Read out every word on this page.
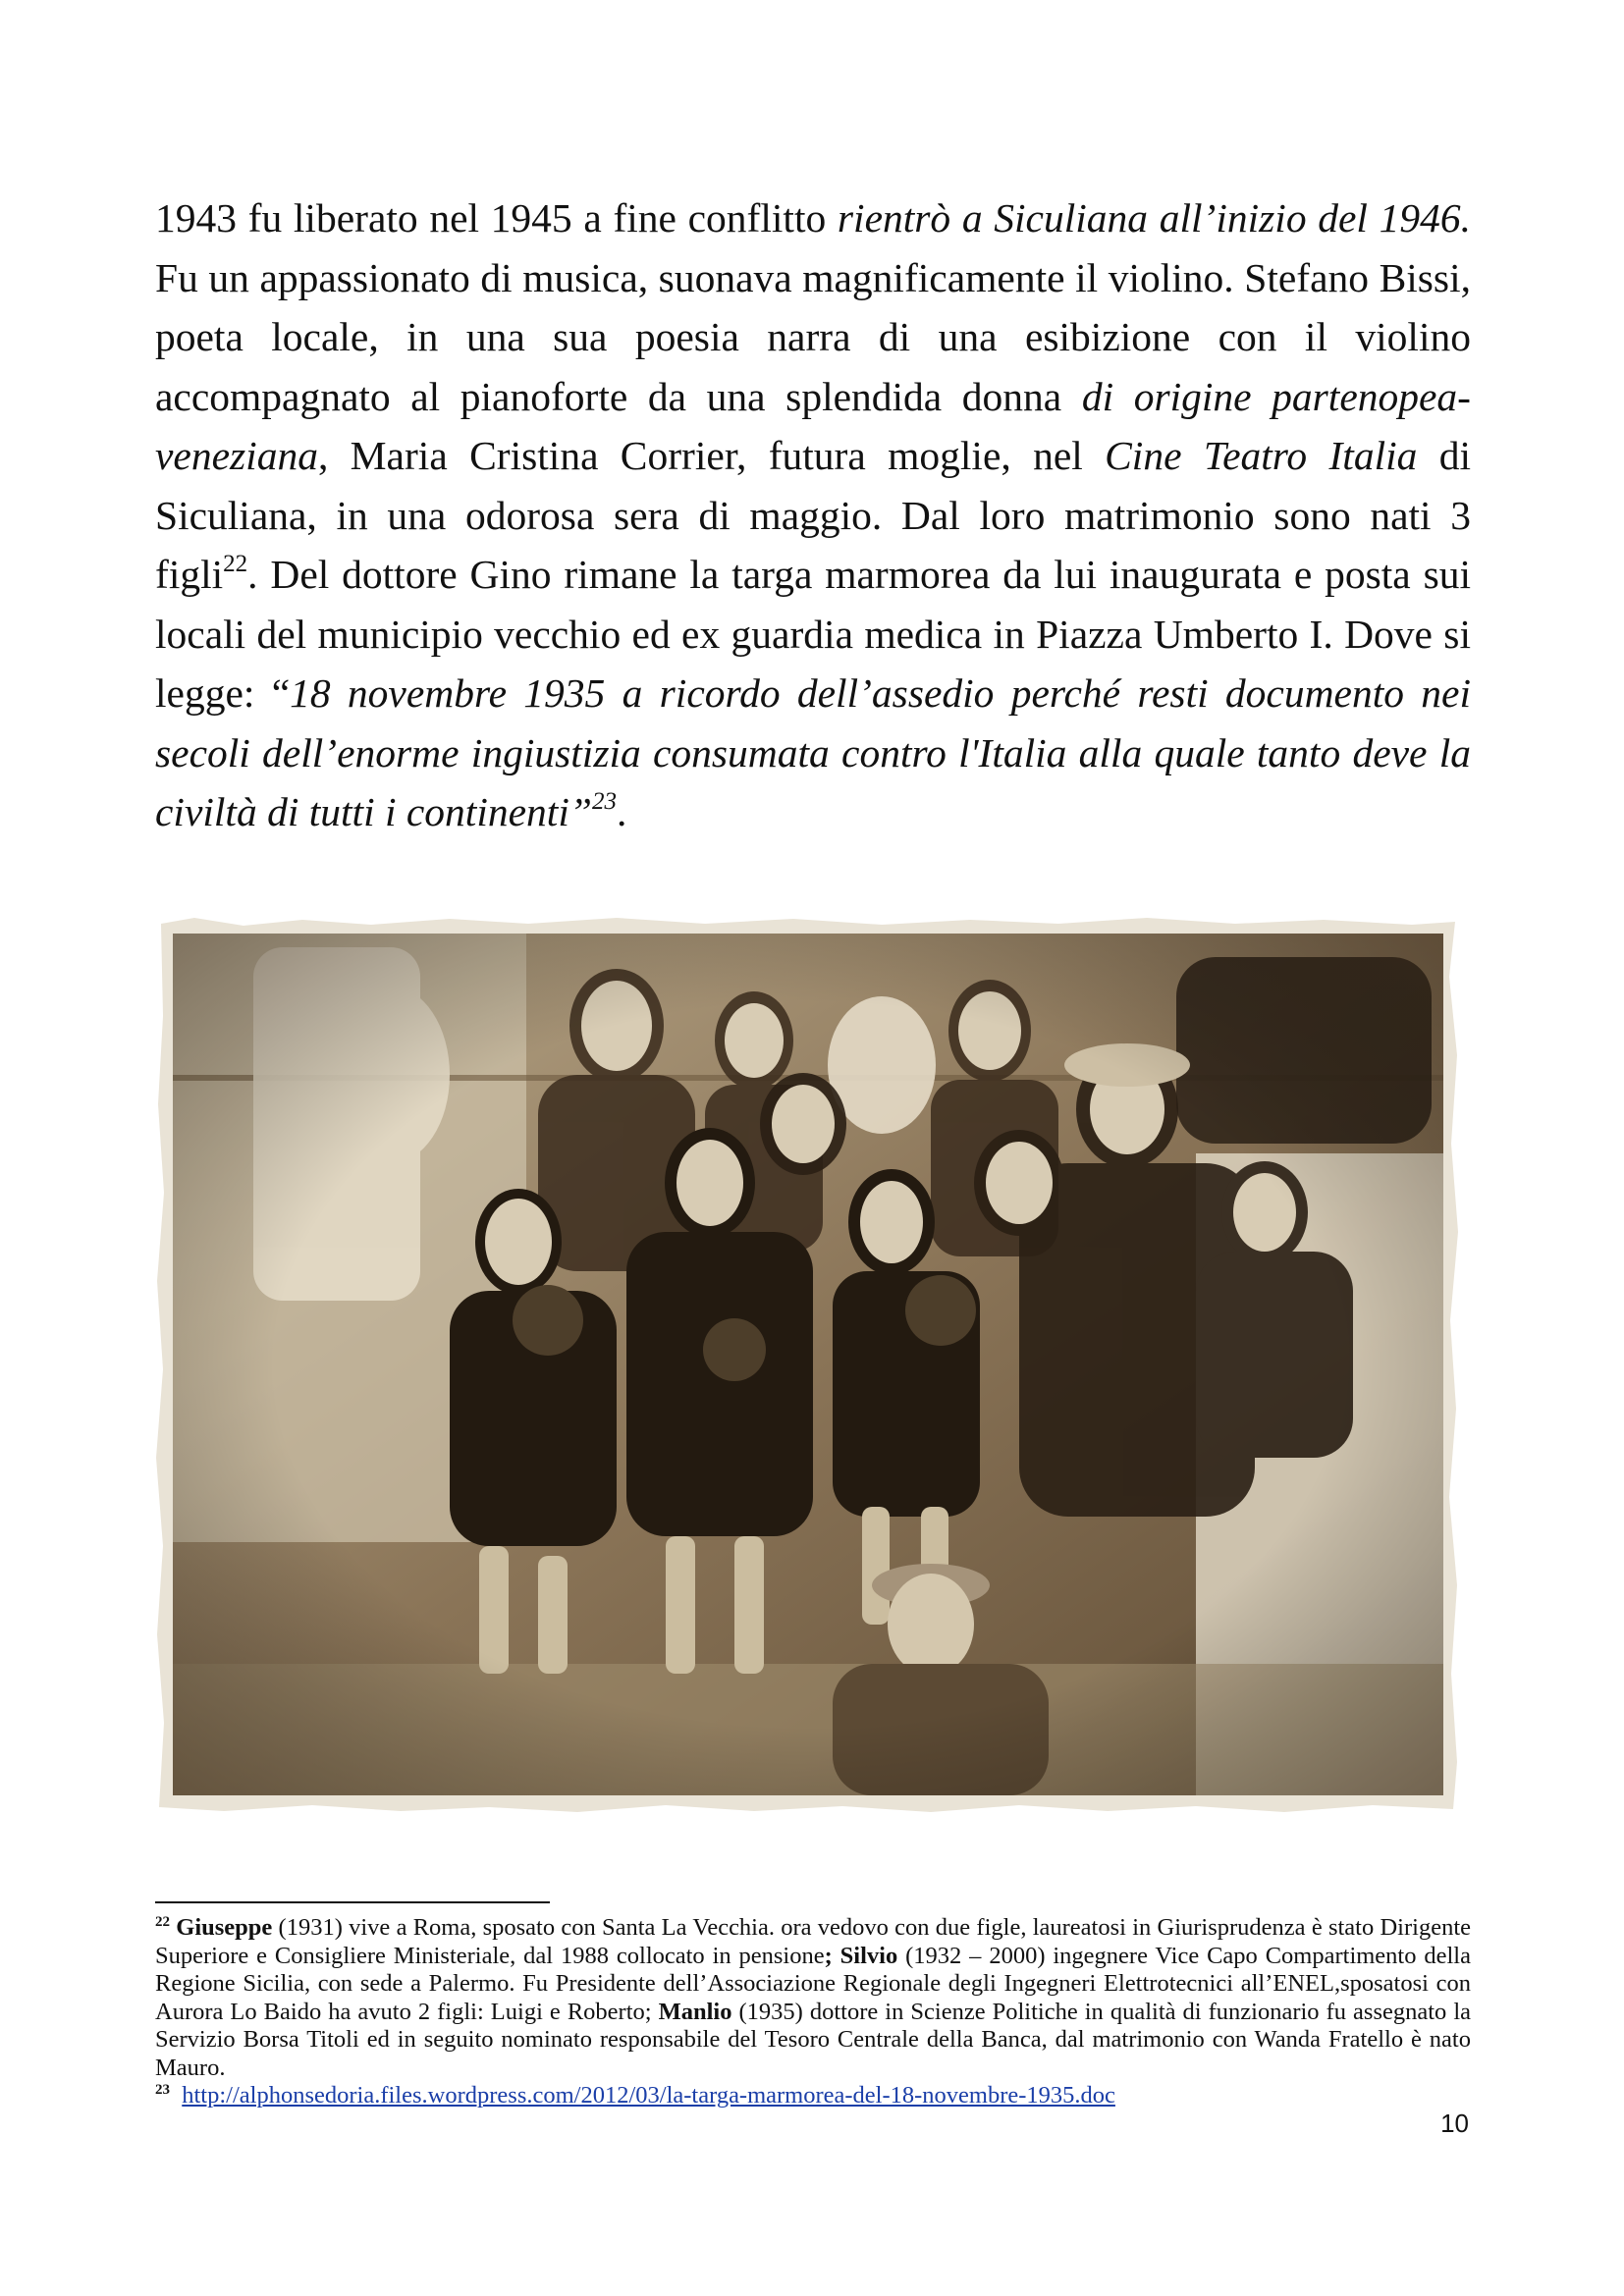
1943 fu liberato nel 1945 a fine conflitto rientrò a Siculiana all’inizio del 1946. Fu un appassionato di musica, suonava magnificamente il violino. Stefano Bissi, poeta locale, in una sua poesia narra di una esibizione con il violino accompagnato al pianoforte da una splendida donna di origine partenopea-veneziana, Maria Cristina Corrier, futura moglie, nel Cine Teatro Italia di Siculiana, in una odorosa sera di maggio. Dal loro matrimonio sono nati 3 figli$^{22}$. Del dottore Gino rimane la targa marmorea da lui inaugurata e posta sui locali del municipio vecchio ed ex guardia medica in Piazza Umberto I. Dove si legge: “18 novembre 1935 a ricordo dell’assedio perché resti documento nei secoli dell’enorme ingiustizia consumata contro l'Italia alla quale tanto deve la civiltà di tutti i continenti”$^{23}$.

$^{22}$ Giuseppe (1931) vive a Roma, sposato con Santa La Vecchia. ora vedovo con due figle, laureatosi in Giurisprudenza è stato Dirigente Superiore e Consigliere Ministeriale, dal 1988 collocato in pensione; Silvio (1932 – 2000) ingegnere Vice Capo Compartimento della Regione Sicilia, con sede a Palermo. Fu Presidente dell’Associazione Regionale degli Ingegneri Elettrotecnici all’ENEL,sposatosi con Aurora Lo Baido ha avuto 2 figli: Luigi e Roberto; Manlio (1935) dottore in Scienze Politiche in qualità di funzionario fu assegnato la Servizio Borsa Titoli ed in seguito nominato responsabile del Tesoro Centrale della Banca, dal matrimonio con Wanda Fratello è nato Mauro.

$^{23}$ http://alphonsedoria.files.wordpress.com/2012/03/la-targa-marmorea-del-18-novembre-1935.doc

10
